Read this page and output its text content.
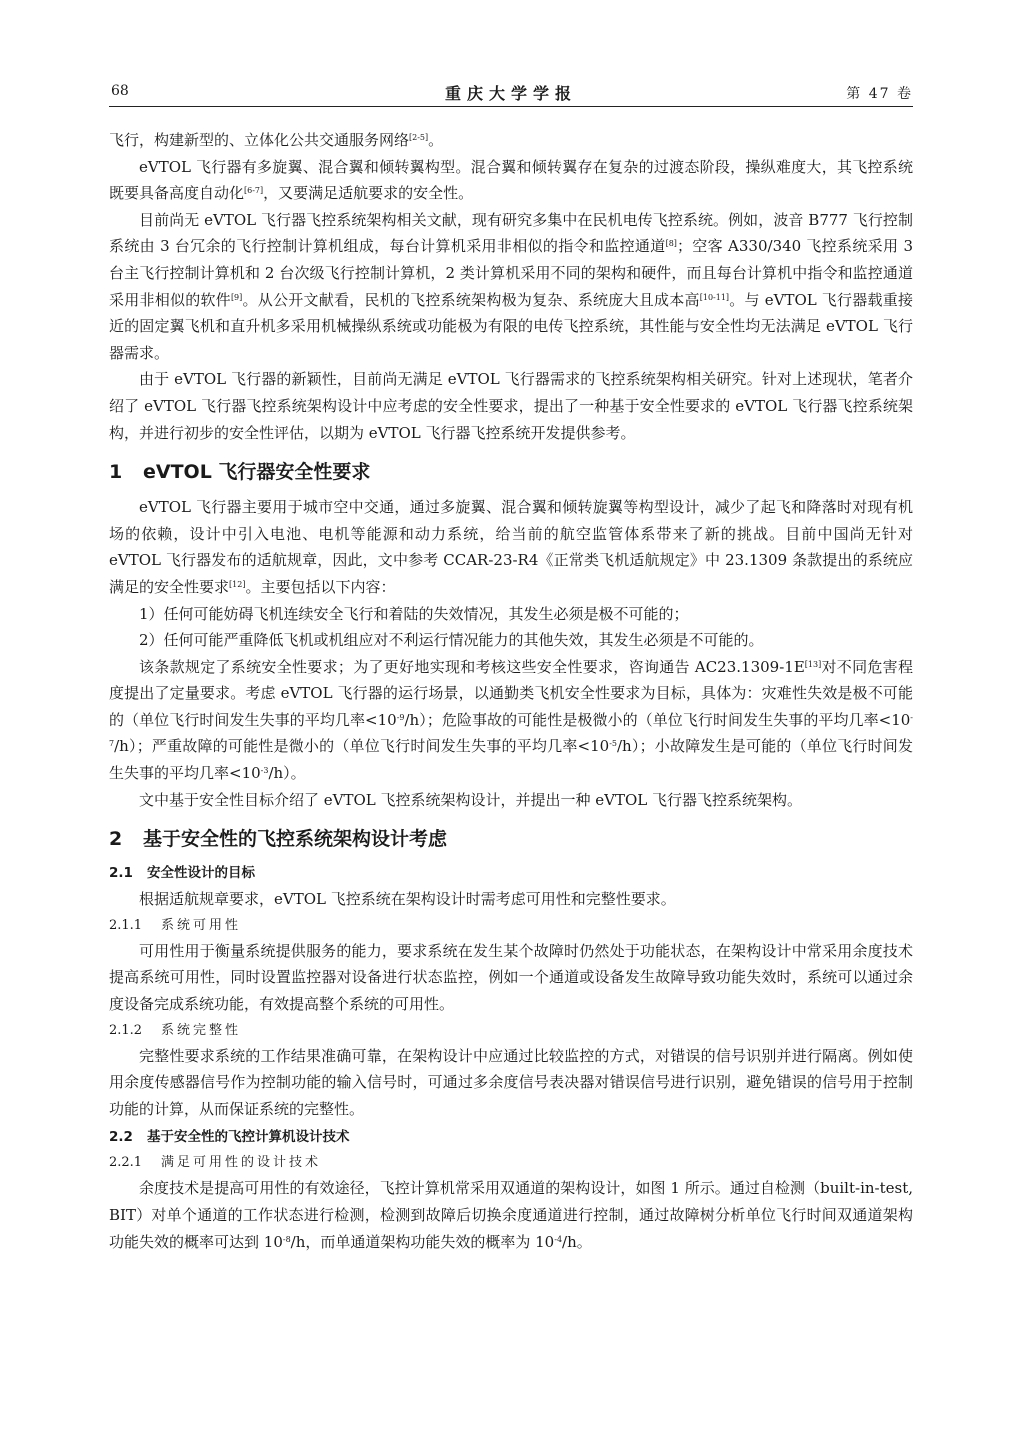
68	重庆大学学报	第 47 卷

飞行，构建新型的、立体化公共交通服务网络[2-5]。

eVTOL 飞行器有多旋翼、混合翼和倾转翼构型。混合翼和倾转翼存在复杂的过渡态阶段，操纵难度大，其飞控系统既要具备高度自动化[6-7]，又要满足适航要求的安全性。

目前尚无 eVTOL 飞行器飞控系统架构相关文献，现有研究多集中在民机电传飞控系统。例如，波音 B777 飞行控制系统由 3 台冗余的飞行控制计算机组成，每台计算机采用非相似的指令和监控通道[8]；空客 A330/340 飞控系统采用 3 台主飞行控制计算机和 2 台次级飞行控制计算机，2 类计算机采用不同的架构和硬件，而且每台计算机中指令和监控通道采用非相似的软件[9]。从公开文献看，民机的飞控系统架构极为复杂、系统庞大且成本高[10-11]。与 eVTOL 飞行器载重接近的固定翼飞机和直升机多采用机械操纵系统或功能极为有限的电传飞控系统，其性能与安全性均无法满足 eVTOL 飞行器需求。

由于 eVTOL 飞行器的新颖性，目前尚无满足 eVTOL 飞行器需求的飞控系统架构相关研究。针对上述现状，笔者介绍了 eVTOL 飞行器飞控系统架构设计中应考虑的安全性要求，提出了一种基于安全性要求的 eVTOL 飞行器飞控系统架构，并进行初步的安全性评估，以期为 eVTOL 飞行器飞控系统开发提供参考。

1 eVTOL 飞行器安全性要求

eVTOL 飞行器主要用于城市空中交通，通过多旋翼、混合翼和倾转旋翼等构型设计，减少了起飞和降落时对现有机场的依赖，设计中引入电池、电机等能源和动力系统，给当前的航空监管体系带来了新的挑战。目前中国尚无针对 eVTOL 飞行器发布的适航规章，因此，文中参考 CCAR-23-R4《正常类飞机适航规定》中 23.1309 条款提出的系统应满足的安全性要求[12]。主要包括以下内容：

1）任何可能妨碍飞机连续安全飞行和着陆的失效情况，其发生必须是极不可能的；

2）任何可能严重降低飞机或机组应对不利运行情况能力的其他失效，其发生必须是不可能的。

该条款规定了系统安全性要求；为了更好地实现和考核这些安全性要求，咨询通告 AC23.1309-1E[13]对不同危害程度提出了定量要求。考虑 eVTOL 飞行器的运行场景，以通勤类飞机安全性要求为目标，具体为：灾难性失效是极不可能的（单位飞行时间发生失事的平均几率$<10^{-9}/h$）；危险事故的可能性是极微小的（单位飞行时间发生失事的平均几率$<10^{-7}/h$）；严重故障的可能性是微小的（单位飞行时间发生失事的平均几率$<10^{-5}/h$）；小故障发生是可能的（单位飞行时间发生失事的平均几率$<10^{-3}/h$）。

文中基于安全性目标介绍了 eVTOL 飞控系统架构设计，并提出一种 eVTOL 飞行器飞控系统架构。

2 基于安全性的飞控系统架构设计考虑
2.1 安全性设计的目标

根据适航规章要求，eVTOL 飞控系统在架构设计时需考虑可用性和完整性要求。

2.1.1 系统可用性

可用性用于衡量系统提供服务的能力，要求系统在发生某个故障时仍然处于功能状态，在架构设计中常采用余度技术提高系统可用性，同时设置监控器对设备进行状态监控，例如一个通道或设备发生故障导致功能失效时，系统可以通过余度设备完成系统功能，有效提高整个系统的可用性。

2.1.2 系统完整性

完整性要求系统的工作结果准确可靠，在架构设计中应通过比较监控的方式，对错误的信号识别并进行隔离。例如使用余度传感器信号作为控制功能的输入信号时，可通过多余度信号表决器对错误信号进行识别，避免错误的信号用于控制功能的计算，从而保证系统的完整性。

2.2 基于安全性的飞控计算机设计技术
2.2.1 满足可用性的设计技术

余度技术是提高可用性的有效途径，飞控计算机常采用双通道的架构设计，如图 1 所示。通过自检测（built-in-test, BIT）对单个通道的工作状态进行检测，检测到故障后切换余度通道进行控制，通过故障树分析单位飞行时间双通道架构功能失效的概率可达到 $10^{-8}/h$，而单通道架构功能失效的概率为 $10^{-4}/h$。
